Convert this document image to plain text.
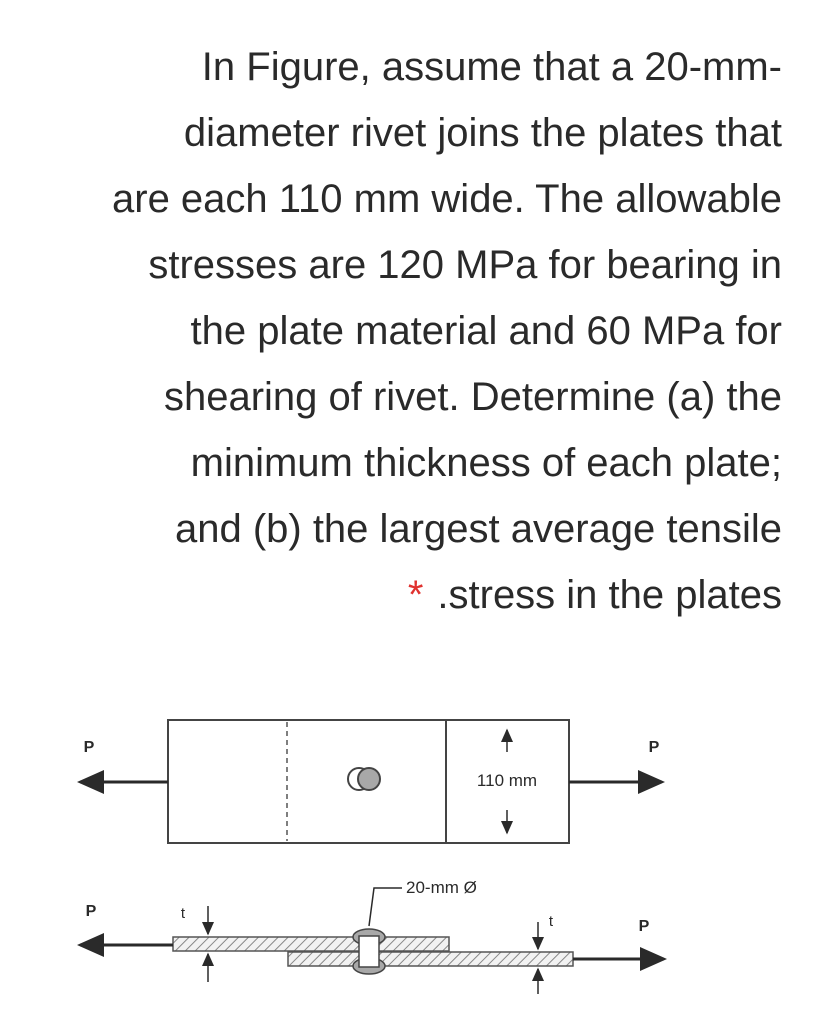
In Figure, assume that a 20-mm-
diameter rivet joins the plates that
are each 110 mm wide. The allowable
stresses are 120 MPa for bearing in
the plate material and 60 MPa for
shearing of rivet. Determine (a) the
minimum thickness of each plate;
and (b) the largest average tensile
* .stress in the plates
110 mm
P	P
P
P
20-mm Ø
t	t
